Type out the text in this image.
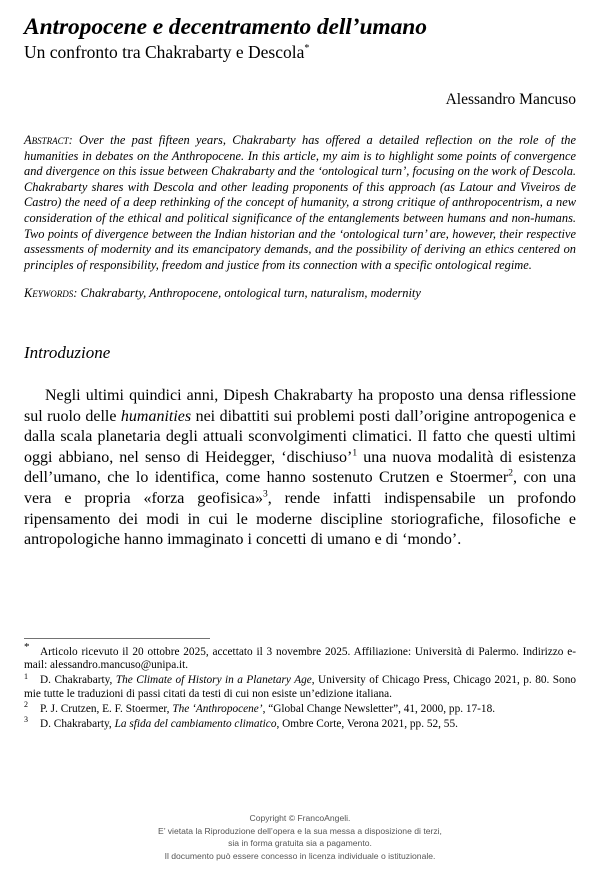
Antropocene e decentramento dell’umano
Un confronto tra Chakrabarty e Descola*
Alessandro Mancuso

Abstract: Over the past fifteen years, Chakrabarty has offered a detailed reflection on the role of the humanities in debates on the Anthropocene. In this article, my aim is to highlight some points of convergence and divergence on this issue between Chakrabarty and the ‘ontological turn’, focusing on the work of Descola. Chakrabarty shares with Descola and other leading proponents of this approach (as Latour and Viveiros de Castro) the need of a deep rethinking of the concept of humanity, a strong critique of anthropocentrism, a new consideration of the ethical and political significance of the entanglements between humans and non-humans. Two points of divergence between the Indian historian and the ‘ontological turn’ are, however, their respective assessments of modernity and its emancipatory demands, and the possibility of deriving an ethics centered on principles of responsibility, freedom and justice from its connection with a specific ontological regime.

Keywords: Chakrabarty, Anthropocene, ontological turn, naturalism, modernity

Introduzione

Negli ultimi quindici anni, Dipesh Chakrabarty ha proposto una densa riflessione sul ruolo delle humanities nei dibattiti sui problemi posti dall’origine antropogenica e dalla scala planetaria degli attuali sconvolgimenti climatici. Il fatto che questi ultimi oggi abbiano, nel senso di Heidegger, ‘dischiuso’$^1$ una nuova modalità di esistenza dell’umano, che lo identifica, come hanno sostenuto Crutzen e Stoermer$^2$, con una vera e propria «forza geofisica»$^3$, rende infatti indispensabile un profondo ripensamento dei modi in cui le moderne discipline storiografiche, filosofiche e antropologiche hanno immaginato i concetti di umano e di ‘mondo’.

* Articolo ricevuto il 20 ottobre 2025, accettato il 3 novembre 2025. Affiliazione: Università di Palermo. Indirizzo e-mail: alessandro.mancuso@unipa.it.

1 D. Chakrabarty, The Climate of History in a Planetary Age, University of Chicago Press, Chicago 2021, p. 80. Sono mie tutte le traduzioni di passi citati da testi di cui non esiste un’edizione italiana.

2 P. J. Crutzen, E. F. Stoermer, The ‘Anthropocene’, “Global Change Newsletter”, 41, 2000, pp. 17-18.

3 D. Chakrabarty, La sfida del cambiamento climatico, Ombre Corte, Verona 2021, pp. 52, 55.

Copyright © FrancoAngeli.
E’ vietata la Riproduzione dell’opera e la sua messa a disposizione di terzi,
sia in forma gratuita sia a pagamento.
Il documento può essere concesso in licenza individuale o istituzionale.
